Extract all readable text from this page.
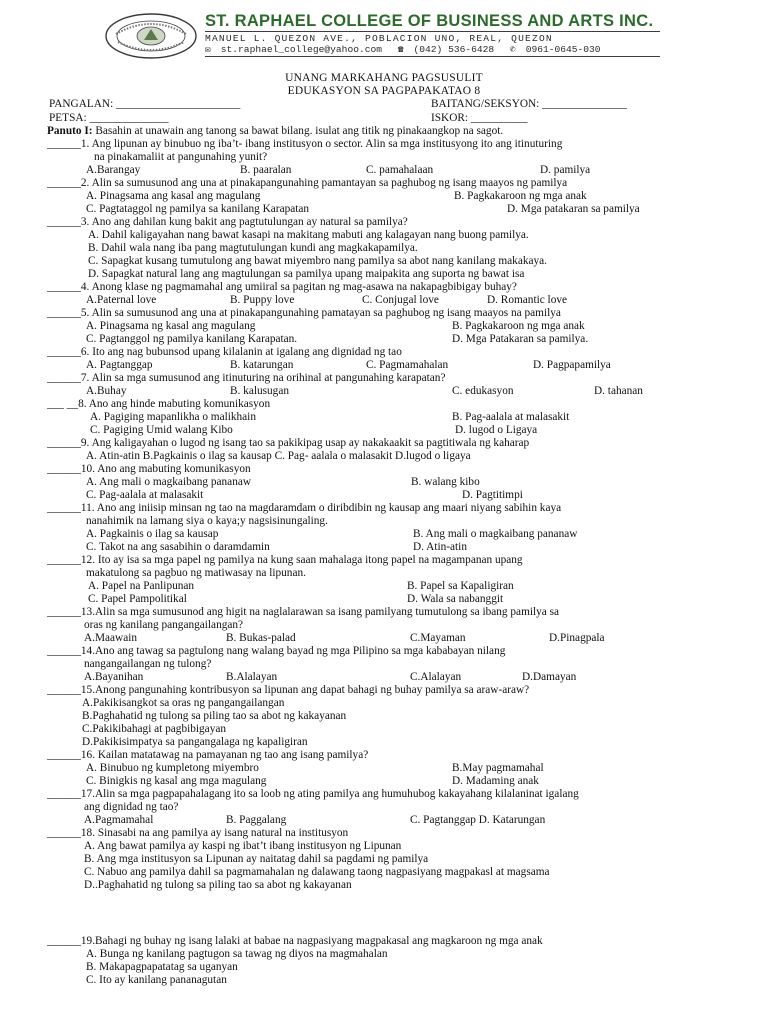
ST. RAPHAEL COLLEGE OF BUSINESS AND ARTS INC.
MANUEL L. QUEZON AVE., POBLACION UNO, REAL, QUEZON
✉ st.raphael_college@yahoo.com ☎ (042) 536-6428 ✆ 0961-0645-030
UNANG MARKAHANG PAGSUSULIT
EDUKASYON SA PAGPAPAKATAO 8
PANGALAN: ______________________	BAITANG/SEKSYON: _______________
PETSA: ______________	ISKOR: __________
Panuto I: Basahin at unawain ang tanong sa bawat bilang. isulat ang titik ng pinakaangkop na sagot.
______1. Ang lipunan ay binubuo ng iba’t- ibang institusyon o sector. Alin sa mga institusyong ito ang itinuturing
na pinakamaliit at pangunahing yunit?
A.Barangay	B. paaralan	C. pamahalaan	D. pamilya
______2. Alin sa sumusunod ang una at pinakapangunahing pamantayan sa paghubog ng isang maayos ng pamilya
A. Pinagsama ang kasal ang magulang	B. Pagkakaroon ng mga anak
C. Pagtataggol ng pamilya sa kanilang Karapatan	D. Mga patakaran sa pamilya
______3. Ano ang dahilan kung bakit ang pagtutulungan ay natural sa pamilya?
A. Dahil kaligayahan nang bawat kasapi na makitang mabuti ang kalagayan nang buong pamilya.
B. Dahil wala nang iba pang magtutulungan kundi ang magkakapamilya.
C. Sapagkat kusang tumutulong ang bawat miyembro nang pamilya sa abot nang kanilang makakaya.
D. Sapagkat natural lang ang magtulungan sa pamilya upang maipakita ang suporta ng bawat isa
______4. Anong klase ng pagmamahal ang umiiral sa pagitan ng mag-asawa na nakapagbibigay buhay?
A.Paternal love	B. Puppy love	C. Conjugal love	D. Romantic love
______5. Alin sa sumusunod ang una at pinakapangunahing pamatayan sa paghubog ng isang maayos na pamilya
A. Pinagsama ng kasal ang magulang	B. Pagkakaroon ng mga anak
C. Pagtanggol ng pamilya kanilang Karapatan.	D. Mga Patakaran sa pamilya.
______6. Ito ang nag bubunsod upang kilalanin at igalang ang dignidad ng tao
A. Pagtanggap	B. katarungan	C. Pagmamahalan	D. Pagpapamilya
______7. Alin sa mga sumusunod ang itinuturing na orihinal at pangunahing karapatan?
A.Buhay	B. kalusugan	C. edukasyon	D. tahanan
___ __8. Ano ang hinde mabuting komunikasyon
A. Pagiging mapanlikha o malikhain	B. Pag-aalala at malasakit
C. Pagiging Umid walang Kibo	D. lugod o Ligaya
______9. Ang kaligayahan o lugod ng isang tao sa pakikipag usap ay nakakaakit sa pagtitiwala ng kaharap
A. Atin-atin B.Pagkainis o ilag sa kausap C. Pag- aalala o malasakit D.lugod o ligaya
______10. Ano ang mabuting komunikasyon
A. Ang mali o magkaibang pananaw	B. walang kibo
C. Pag-aalala at malasakit	D. Pagtitimpi
______11. Ano ang iniisip minsan ng tao na magdaramdam o diribdibin ng kausap ang maari niyang sabihin kaya
nanahimik na lamang siya o kaya;y nagsisinungaling.
A. Pagkainis o ilag sa kausap	B. Ang mali o magkaibang pananaw
C. Takot na ang sasabihin o daramdamin	D. Atin-atin
______12. Ito ay isa sa mga papel ng pamilya na kung saan mahalaga itong papel na magampanan upang
makatulong sa pagbuo ng matiwasay na lipunan.
A. Papel na Panlipunan	B. Papel sa Kapaligiran
C. Papel Pampolitikal	D. Wala sa nabanggit
______13.Alin sa mga sumusunod ang higit na naglalarawan sa isang pamilyang tumutulong sa ibang pamilya sa
oras ng kanilang pangangailangan?
A.Maawain	B. Bukas-palad	C.Mayaman	D.Pinagpala
______14.Ano ang tawag sa pagtulong nang walang bayad ng mga Pilipino sa mga kababayan nilang
nangangailangan ng tulong?
A.Bayanihan	B.Alalayan	C.Alalayan	D.Damayan
______15.Anong pangunahing kontribusyon sa lipunan ang dapat bahagi ng buhay pamilya sa araw-araw?
A.Pakikisangkot sa oras ng pangangailangan
B.Paghahatid ng tulong sa piling tao sa abot ng kakayanan
C.Pakikibahagi at pagbibigayan
D.Pakikisimpatya sa pangangalaga ng kapaligiran
______16. Kailan matatawag na pamayanan ng tao ang isang pamilya?
A. Binubuo ng kumpletong miyembro	B.May pagmamahal
C. Binigkis ng kasal ang mga magulang	D. Madaming anak
______17.Alin sa mga pagpapahalagang ito sa loob ng ating pamilya ang humuhubog kakayahang kilalaninat igalang
ang dignidad ng tao?
A.Pagmamahal	B. Paggalang	C. Pagtanggap D. Katarungan
______18. Sinasabi na ang pamilya ay isang natural na institusyon
A. Ang bawat pamilya ay kaspi ng ibat’t ibang institusyon ng Lipunan
B. Ang mga institusyon sa Lipunan ay naitatag dahil sa pagdami ng pamilya
C. Nabuo ang pamilya dahil sa pagmamahalan ng dalawang taong nagpasiyang magpakasl at magsama
D..Paghahatid ng tulong sa piling tao sa abot ng kakayanan
______19.Bahagi ng buhay ng isang lalaki at babae na nagpasiyang magpakasal ang magkaroon ng mga anak
A. Bunga ng kanilang pagtugon sa tawag ng diyos na magmahalan
B. Makapagpapatatag sa uganyan
C. Ito ay kanilang pananagutan
